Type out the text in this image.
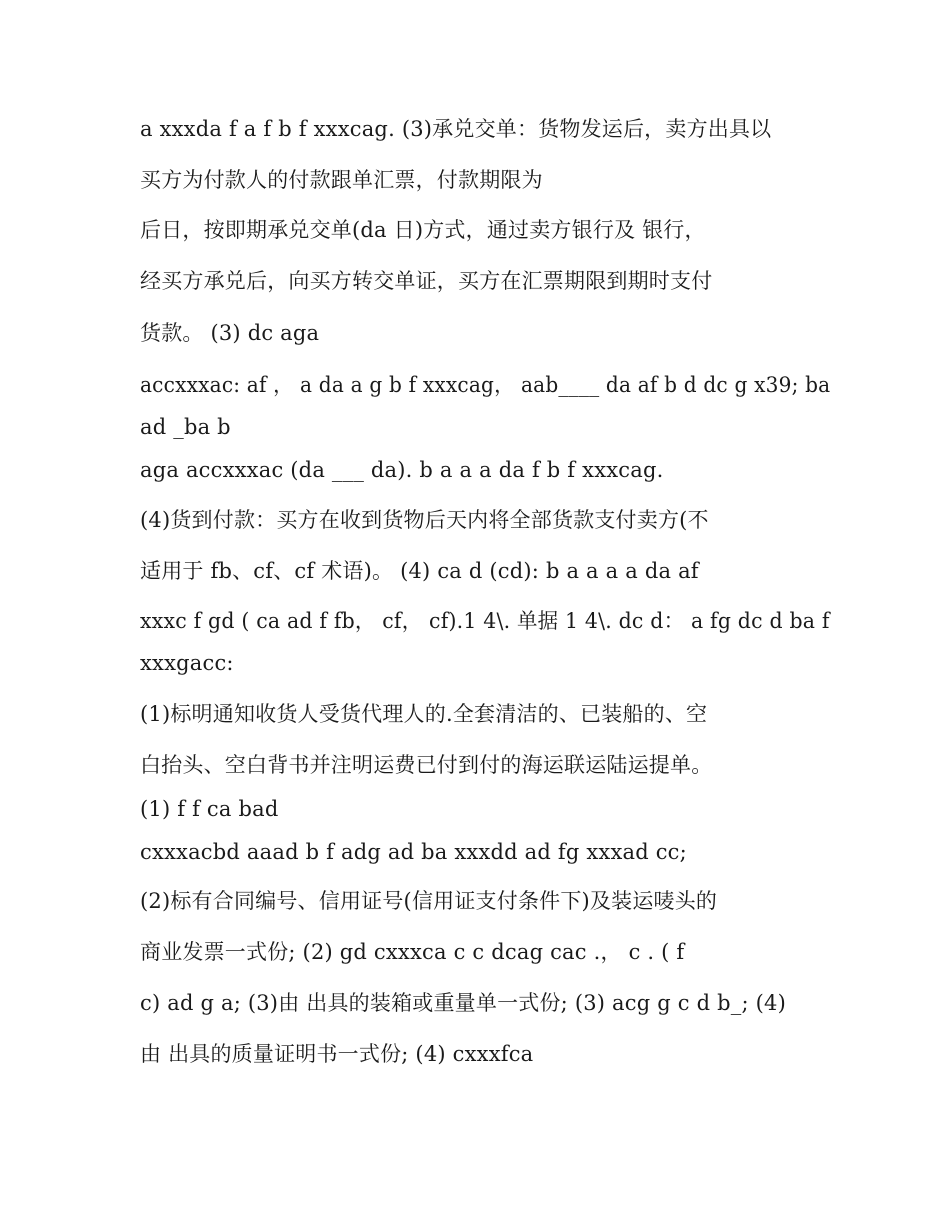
a xxxda f a f b f xxxcag. (3)承兑交单：货物发运后，卖方出具以
买方为付款人的付款跟单汇票，付款期限为
后日，按即期承兑交单(da 日)方式，通过卖方银行及 银行，
经买方承兑后，向买方转交单证，买方在汇票期限到期时支付
货款。 (3) dc aga
accxxxac: af ， a da a g b f xxxcag， aab____ da af b d dc g x39; ba
ad _ba b
aga accxxxac (da ___ da). b a a a da f b f xxxcag.
(4)货到付款：买方在收到货物后天内将全部货款支付卖方(不
适用于 fb、cf、cf 术语)。 (4) ca d (cd): b a a a a da af
xxxc f gd ( ca ad f fb， cf， cf).1 4\. 单据 1 4\. dc d： a fg dc d ba f
xxxgacc:
(1)标明通知收货人受货代理人的.全套清洁的、已装船的、空
白抬头、空白背书并注明运费已付到付的海运联运陆运提单。
(1) f f ca bad
cxxxacbd aaad b f adg ad ba xxxdd ad fg xxxad cc;
(2)标有合同编号、信用证号(信用证支付条件下)及装运唛头的
商业发票一式份; (2) gd cxxxca c c dcag cac .， c . ( f
c) ad g a; (3)由 出具的装箱或重量单一式份; (3) acg g c d b_; (4)
由 出具的质量证明书一式份; (4) cxxxfca
